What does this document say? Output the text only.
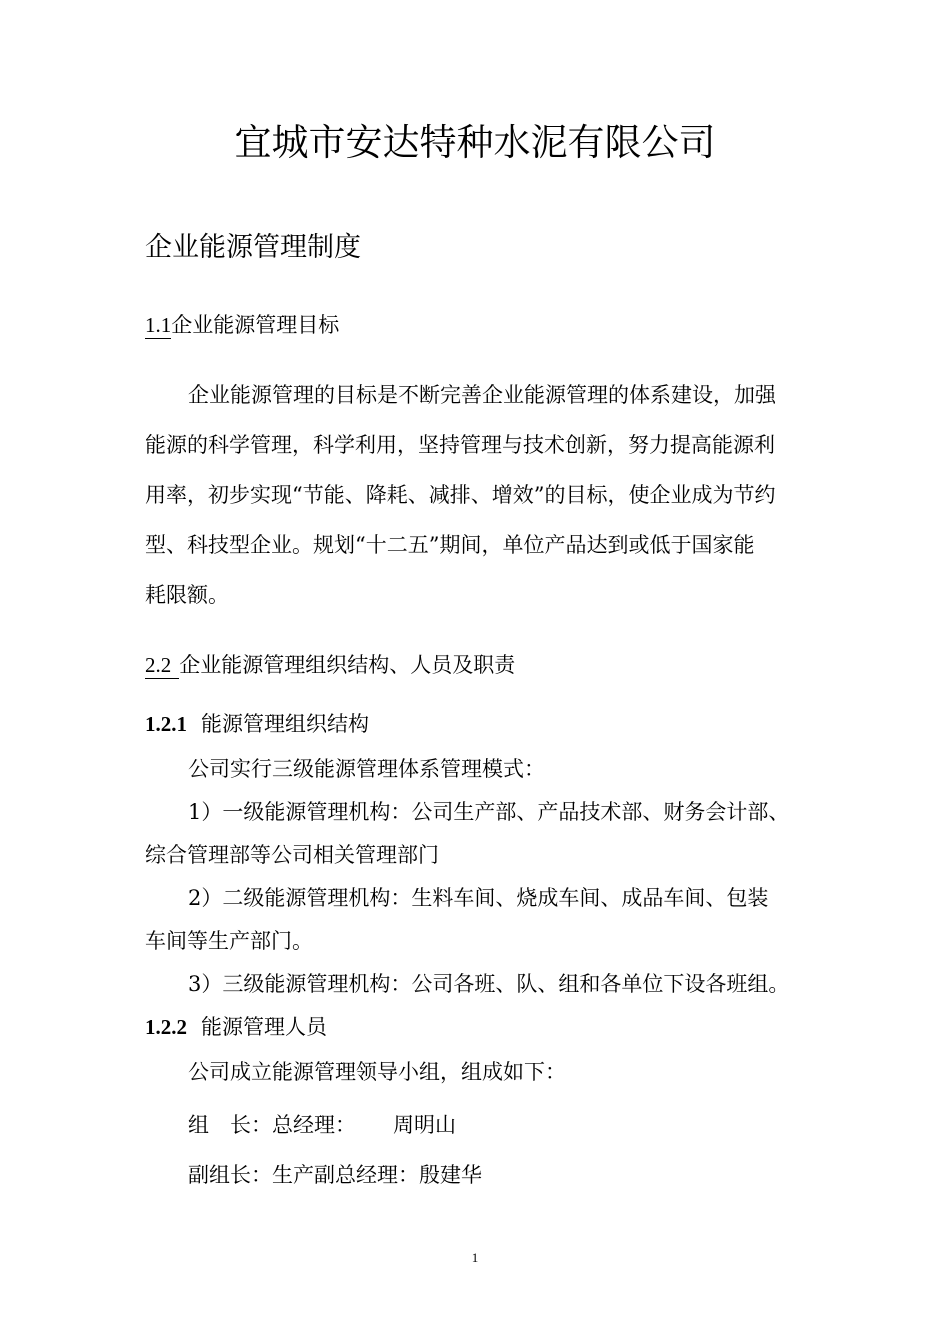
宜城市安达特种水泥有限公司
企业能源管理制度
1.1企业能源管理目标
企业能源管理的目标是不断完善企业能源管理的体系建设，加强
能源的科学管理，科学利用，坚持管理与技术创新，努力提高能源利
用率，初步实现“节能、降耗、减排、增效”的目标，使企业成为节约
型、科技型企业。规划“十二五”期间，单位产品达到或低于国家能
耗限额。
2.2 企业能源管理组织结构、人员及职责
1.2.1 能源管理组织结构
公司实行三级能源管理体系管理模式：
1）一级能源管理机构：公司生产部、产品技术部、财务会计部、
综合管理部等公司相关管理部门
2）二级能源管理机构：生料车间、烧成车间、成品车间、包装
车间等生产部门。
3）三级能源管理机构：公司各班、队、组和各单位下设各班组。
1.2.2 能源管理人员
公司成立能源管理领导小组，组成如下：
组　长：总经理： 周明山
副组长：生产副总经理：殷建华
1
